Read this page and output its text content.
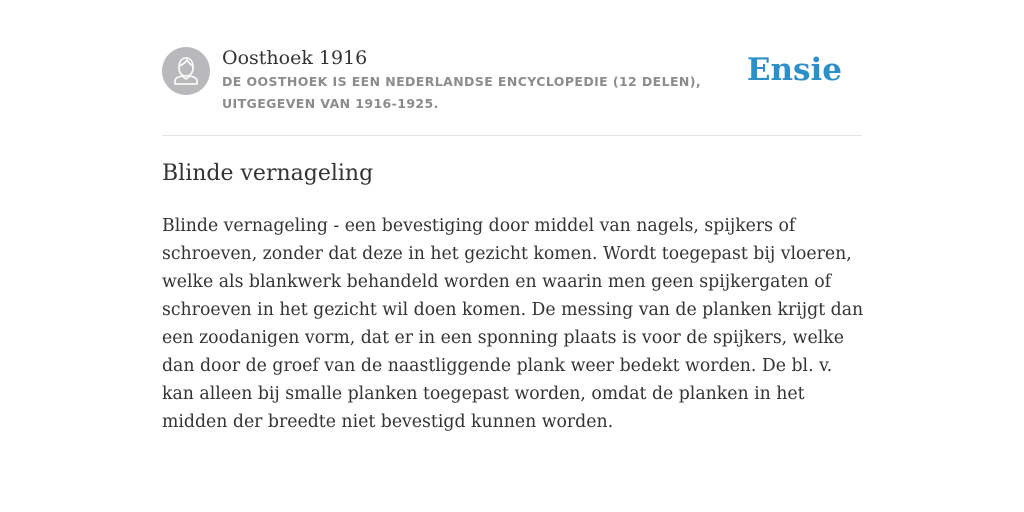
Oosthoek 1916
DE OOSTHOEK IS EEN NEDERLANDSE ENCYCLOPEDIE (12 DELEN), UITGEGEVEN VAN 1916-1925.
Ensie
Blinde vernageling

Blinde vernageling - een bevestiging door middel van nagels, spijkers of schroeven, zonder dat deze in het gezicht komen. Wordt toegepast bij vloeren, welke als blankwerk behandeld worden en waarin men geen spijkergaten of schroeven in het gezicht wil doen komen. De messing van de planken krijgt dan een zoodanigen vorm, dat er in een sponning plaats is voor de spijkers, welke dan door de groef van de naastliggende plank weer bedekt worden. De bl. v. kan alleen bij smalle planken toegepast worden, omdat de planken in het midden der breedte niet bevestigd kunnen worden.
